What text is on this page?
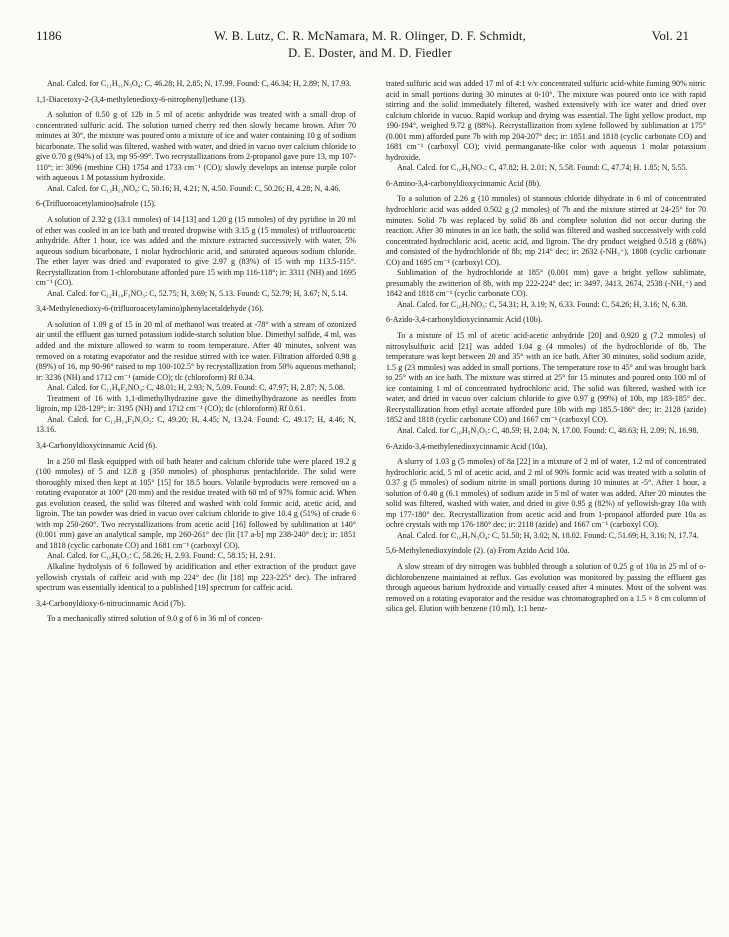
1186	W. B. Lutz, C. R. McNamara, M. R. Olinger, D. F. Schmidt,
D. E. Doster, and M. D. Fiedler
Vol. 21

Anal. Calcd. for C₁₁H₁₁N₃O₄: C, 46.28; H, 2.85; N, 17.99. Found: C, 46.34; H, 2.89; N, 17.93.

1,1-Diacetoxy-2-(3,4-methylenedioxy-6-nitrophenyl)ethane (13).

A solution of 0.50 g of 12b in 5 ml of acetic anhydride was treated with a small drop of concentrated sulfuric acid. The solution turned cherry red then slowly became brown. After 70 minutes at 30°, the mixture was poured onto a mixture of ice and water containing 10 g of sodium bicarbonate. The solid was filtered, washed with water, and dried in vacuo over calcium chloride to give 0.70 g (94%) of 13, mp 95-99°. Two recrystallizations from 2-propanol gave pure 13, mp 107-110°; ir: 3096 (methine CH) 1754 and 1733 cm⁻¹ (CO); slowly develops an intense purple color with aqueous 1 M potassium hydroxide.

Anal. Calcd. for C₁₃H₁₃NO₈: C, 50.16; H, 4.21; N, 4.50. Found: C, 50.26; H, 4.28; N, 4.46.

6-(Trifluoroacetylamino)safrole (15).

A solution of 2.32 g (13.1 mmoles) of 14 [13] and 1.20 g (15 mmoles) of dry pyridine in 20 ml of ether was cooled in an ice bath and treated dropwise with 3.15 g (15 mmoles) of trifluoroacetic anhydride. After 1 hour, ice was added and the mixture extracted successively with water, 5% aqueous sodium bicarbonate, 1 molar hydrochloric acid, and saturated aqueous sodium chloride. The ether layer was dried and evaporated to give 2.97 g (83%) of 15 with mp 113.5-115°. Recrystallization from 1-chlorobutane afforded pure 15 with mp 116-118°; ir: 3311 (NH) and 1695 cm⁻¹ (CO).

Anal. Calcd. for C₁₂H₁₀F₃NO₃: C, 52.75; H, 3.69; N, 5.13. Found: C, 52.79; H, 3.67; N, 5.14.

3,4-Methylenedioxy-6-(trifluoroacetylamino)phenylacetaldehyde (16).

A solution of 1.09 g of 15 in 20 ml of methanol was treated at -78° with a stream of ozonized air until the effluent gas turned potassium iodide-starch solution blue. Dimethyl sulfide, 4 ml, was added and the mixture allowed to warm to room temperature. After 40 minutes, solvent was removed on a rotating evaporator and the residue stirred with ice water. Filtration afforded 0.98 g (89%) of 16, mp 90-96° raised to mp 100-102.5° by recrystallization from 50% aqueous methanol; ir: 3236 (NH) and 1712 cm⁻¹ (amide CO); tlc (chloroform) Rf 0.34.

Anal. Calcd. for C₁₁H₈F₃NO₄: C, 48.01; H, 2.93; N, 5.09. Found: C, 47.97; H, 2.87; N, 5.08.

Treatment of 16 with 1,1-dimethylhydrazine gave the dimethylhydrazone as needles from ligroin, mp 128-129°; ir: 3195 (NH) and 1712 cm⁻¹ (CO); tlc (chloroform) Rf 0.61.

Anal. Calcd. for C₁₃H₁₄F₃N₃O₃: C, 49.20; H, 4.45; N, 13.24. Found: C, 49.17; H, 4.46; N, 13.16.

3,4-Carbonyldioxycinnamic Acid (6).

In a 250 ml flask equipped with oil bath heater and calcium chloride tube were placed 19.2 g (100 mmoles) of 5 and 12.8 g (350 mmoles) of phosphorus pentachloride. The solid were thoroughly mixed then kept at 105° [15] for 18.5 hours. Volatile byproducts were removed on a rotating evaporator at 100° (20 mm) and the residue treated with 60 ml of 97% formic acid. When gas evolution ceased, the solid was filtered and washed with cold formic acid, acetic acid, and ligroin. The tan powder was dried in vacuo over calcium chloride to give 10.4 g (51%) of crude 6 with mp 250-260°. Two recrystallizations from acetic acid [16] followed by sublimation at 140° (0.001 mm) gave an analytical sample, mp 260-261° dec (lit [17 a-b] mp 238-240° dec); ir: 1851 and 1818 (cyclic carbonate CO) and 1681 cm⁻¹ (carboxyl CO).

Anal. Calcd. for C₁₀H₆O₅: C, 58.26; H, 2.93. Found: C, 58.15; H, 2.91.

Alkaline hydrolysis of 6 followed by acidification and ether extraction of the product gave yellowish crystals of caffeic acid with mp 224° dec (lit [18] mp 223-225° dec). The infrared spectrum was essentially identical to a published [19] spectrum for caffeic acid.

3,4-Carbonyldioxy-6-nitrocinnamic Acid (7b).

To a mechanically stirred solution of 9.0 g of 6 in 36 ml of concen-

trated sulfuric acid was added 17 ml of 4:1 v/v concentrated sulfuric acid-white fuming 90% nitric acid in small portions during 30 minutes at 0-10°. The mixture was poured onto ice with rapid stirring and the solid immediately filtered, washed extensively with ice water and dried over calcium chloride in vacuo. Rapid workup and drying was essential. The light yellow product, mp 190-194°, weighed 9.72 g (88%). Recrystallization from xylene followed by sublimation at 175° (0.001 mm) afforded pure 7b with mp 204-207° dec; ir: 1851 and 1818 (cyclic carbonate CO) and 1681 cm⁻¹ (carboxyl CO); vivid permanganate-like color with aqueous 1 molar potassium hydroxide.

Anal. Calcd. for C₁₀H₅NO₇: C, 47.82; H. 2.01; N, 5.58. Found: C, 47.74; H. 1.85; N, 5.55.

6-Amino-3,4-carbonyldioxycinnamic Acid (8b).

To a solution of 2.26 g (10 mmoles) of stannous chloride dihydrate in 6 ml of concentrated hydrochloric acid was added 0.502 g (2 mmoles) of 7b and the mixture stirred at 24-25° for 70 minutes. Solid 7b was replaced by solid 8b and complete solution did not occur during the reaction. After 30 minutes in an ice bath, the solid was filtered and washed successively with cold concentrated hydrochloric acid, acetic acid, and ligroin. The dry product weighed 0.518 g (68%) and consisted of the hydrochloride of 8b; mp 214° dec; ir: 2632 (-NH₃⁺), 1808 (cyclic carbonate CO) and 1695 cm⁻¹ (carboxyl CO).

Sublimation of the hydrochloride at 185° (0.001 mm) gave a bright yellow sublimate, presumably the zwitterion of 8b, with mp 222-224° dec; ir: 3497, 3413, 2674, 2538 (-NH₃⁺) and 1842 and 1818 cm⁻¹ (cyclic carbonate CO).

Anal. Calcd. for C₁₀H₇NO₅: C, 54.31; H, 3.19; N, 6.33. Found: C, 54.26; H, 3.16; N, 6.38.

6-Azido-3,4-carbonyldioxycinnamic Acid (10b).

To a mixture of 15 ml of acetic acid-acetic anhydride [20] and 0.920 g (7.2 mmoles) of nitrosylsulfuric acid [21] was added 1.04 g (4 mmoles) of the hydrochloride of 8b. The temperature was kept between 20 and 35° with an ice bath. After 30 minutes, solid sodium azide, 1.5 g (23 mmoles) was added in small portions. The temperature rose to 45° and was brought back to 25° with an ice bath. The mixture was stirred at 25° for 15 minutes and poured onto 100 ml of ice containing 1 ml of concentrated hydrochloric acid. The solid was filtered, washed with ice water, and dried in vacuo over calcium chloride to give 0.97 g (99%) of 10b, mp 183-185° dec. Recrystallization from ethyl acetate afforded pure 10b with mp 185.5-186° dec; ir: 2128 (azide) 1852 and 1818 (cyclic carbonate CO) and 1667 cm⁻¹ (carboxyl CO).

Anal. Calcd. for C₁₀H₅N₃O₅: C, 48.59; H, 2.04; N, 17.00. Found: C, 48.63; H, 2.09; N, 16.98.

6-Azido-3,4-methylenedioxycinnamic Acid (10a).

A slurry of 1.03 g (5 mmoles) of 8a [22] in a mixture of 2 ml of water, 1.2 ml of concentrated hydrochloric acid, 5 ml of acetic acid, and 2 ml of 90% formic acid was treated with a solutin of 0.37 g (5 mmoles) of sodium nitrite in small portions during 10 minutes at -5°. After 1 hour, a solution of 0.40 g (6.1 mmoles) of sodium azide in 5 ml of water was added. After 20 minutes the solid was filtered, washed with water, and dried to give 0.95 g (82%) of yellowish-gray 10a with mp 177-180° dec. Recrystallization from acetic acid and from 1-propanol afforded pure 10a as ochre crystals with mp 176-180° dec; ir: 2118 (azide) and 1667 cm⁻¹ (carboxyl CO).

Anal. Calcd. for C₁₀H₇N₃O₄: C, 51.50; H, 3.02; N, 18.02. Found: C, 51.69; H, 3.16; N, 17.74.

5,6-Methylenedioxyindole (2). (a) From Azido Acid 10a.

A slow stream of dry nitrogen was bubbled through a solution of 0.25 g of 10a in 25 ml of o-dichlorobenzene maintained at reflux. Gas evolution was monitored by passing the effluent gas through aqueous barium hydroxide and virtually ceased after 4 minutes. Most of the solvent was removed on a rotating evaporator and the residue was chromatographed on a 1.5 × 8 cm column of silica gel. Elution with benzene (10 ml), 1:1 benz-
